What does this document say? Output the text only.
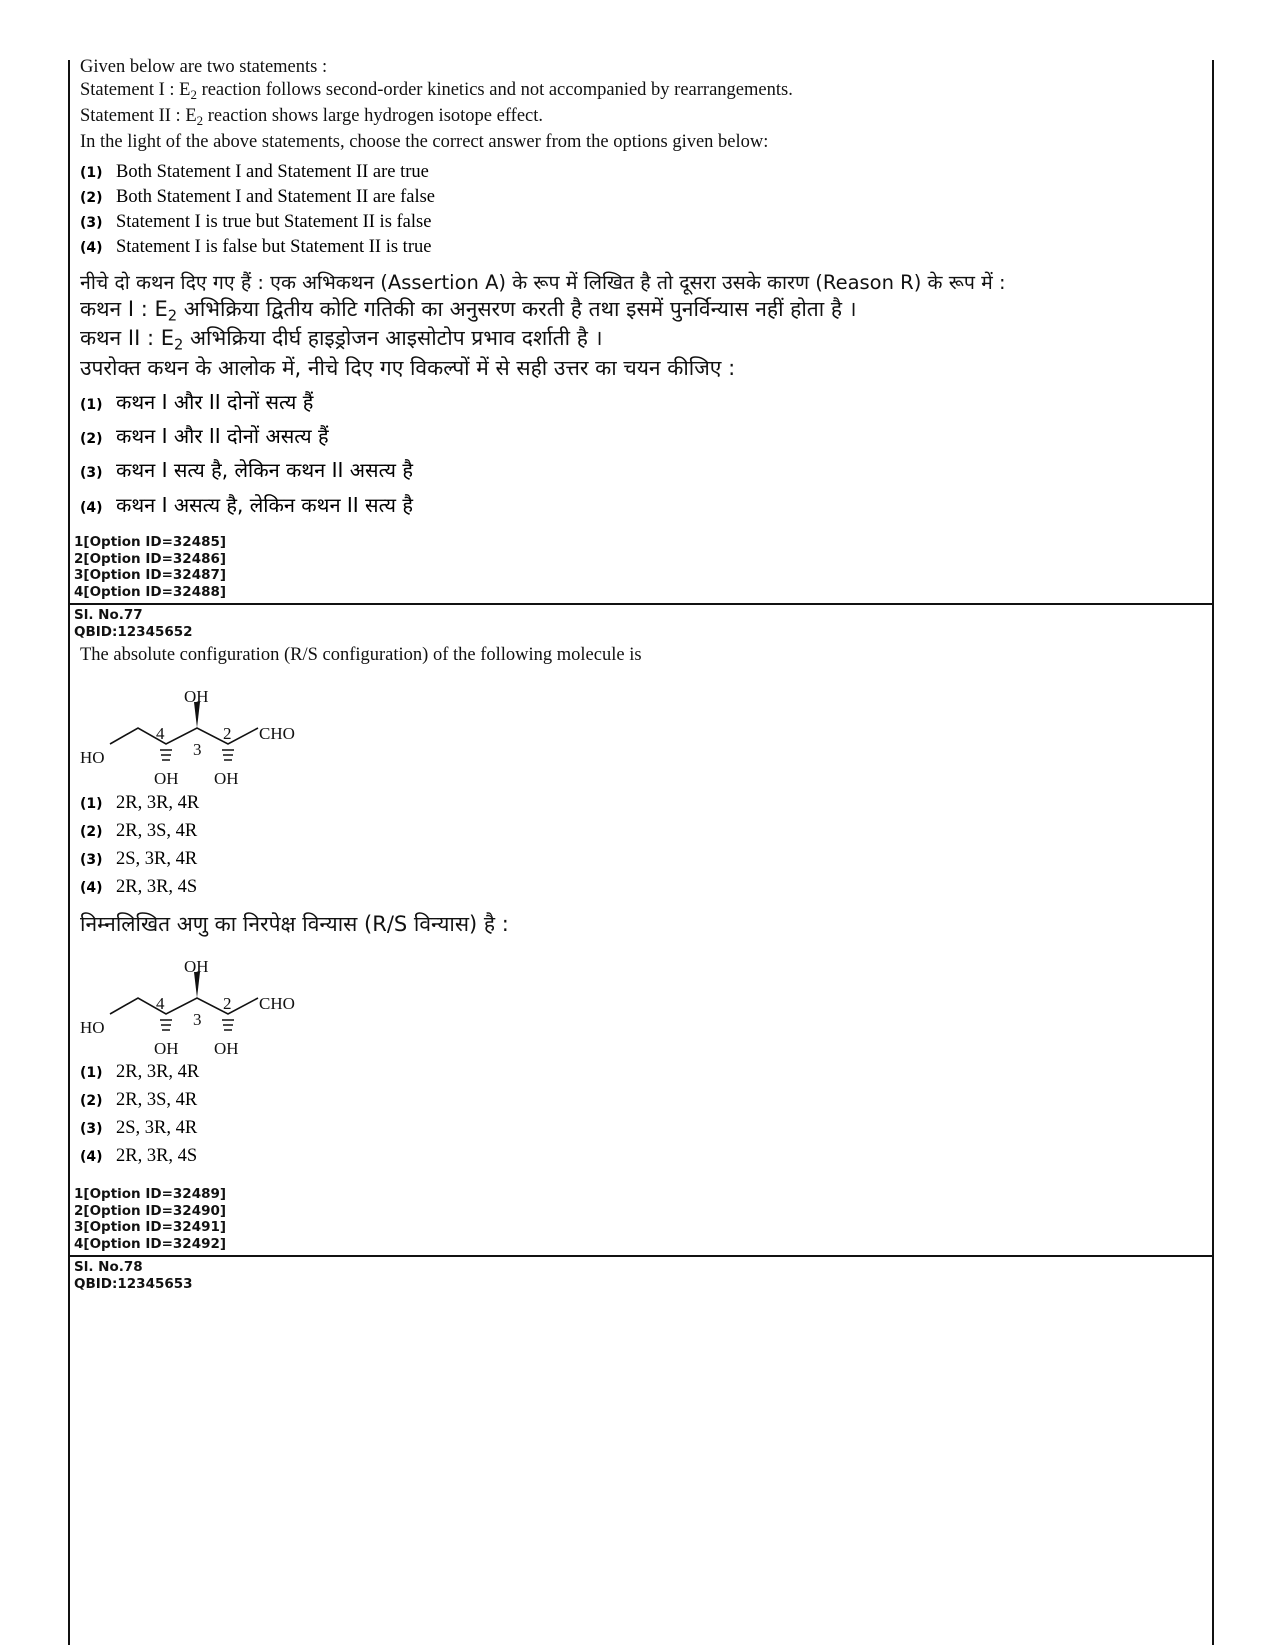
Given below are two statements :
Statement I : $E_2$ reaction follows second-order kinetics and not accompanied by rearrangements.
Statement II : $E_2$ reaction shows large hydrogen isotope effect.
In the light of the above statements, choose the correct answer from the options given below:
(1) Both Statement I and Statement II are true
(2) Both Statement I and Statement II are false
(3) Statement I is true but Statement II is false
(4) Statement I is false but Statement II is true
नीचे दो कथन दिए गए हैं : एक अभिकथन (Assertion A) के रूप में लिखित है तो दूसरा उसके कारण (Reason R) के रूप में :
कथन I : $E_2$ अभिक्रिया द्वितीय कोटि गतिकी का अनुसरण करती है तथा इसमें पुनर्विन्यास नहीं होता है ।
कथन II : $E_2$ अभिक्रिया दीर्घ हाइड्रोजन आइसोटोप प्रभाव दर्शाती है ।
उपरोक्त कथन के आलोक में, नीचे दिए गए विकल्पों में से सही उत्तर का चयन कीजिए :
(1) कथन I और II दोनों सत्य हैं
(2) कथन I और II दोनों असत्य हैं
(3) कथन I सत्य है, लेकिन कथन II असत्य है
(4) कथन I असत्य है, लेकिन कथन II सत्य है
1[Option ID=32485]
2[Option ID=32486]
3[Option ID=32487]
4[Option ID=32488]
Sl. No.77
QBID:12345652
The absolute configuration (R/S configuration) of the following molecule is
OH
HO
CHO
4
3
2
OH OH
(1) 2R, 3R, 4R
(2) 2R, 3S, 4R
(3) 2S, 3R, 4R
(4) 2R, 3R, 4S
निम्नलिखित अणु का निरपेक्ष विन्यास (R/S विन्यास) है :
OH
HO
CHO
4
3
2
OH OH
(1) 2R, 3R, 4R
(2) 2R, 3S, 4R
(3) 2S, 3R, 4R
(4) 2R, 3R, 4S
1[Option ID=32489]
2[Option ID=32490]
3[Option ID=32491]
4[Option ID=32492]
Sl. No.78
QBID:12345653
